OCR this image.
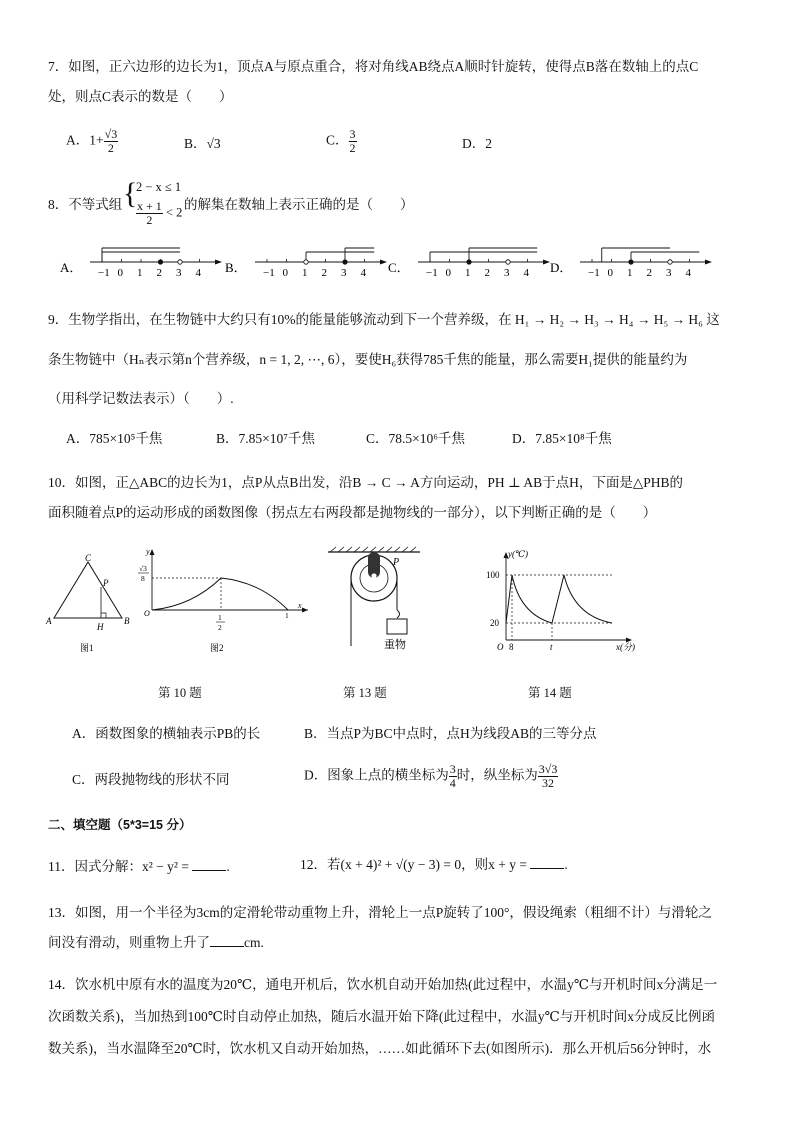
7．如图，正六边形的边长为1，顶点A与原点重合，将对角线AB绕点A顺时针旋转，使得点B落在数轴上的点C
处，则点C表示的数是（　　）
A．$1+ \frac{√3}{2}$	B．√3	C． $\frac{3}{2}$	D．2
8．不等式组 {
2 − x ≤ 1
$\frac{x + 1}{2} < 2$
的解集在数轴上表示正确的是（　　）
A． −1 0 1 2 3 4 B． −1 0 1 2 3 4 C． −1 0 1 2 3 4 D． −1 0 1 2 3 4
9．生物学指出，在生物链中大约只有10%的能量能够流动到下一个营养级，在 H₁ → H₂ → H₃ → H₄ → H₅ → H₆ 这
条生物链中（Hₙ表示第n个营养级，n = 1, 2, ⋯, 6），要使H₆获得785千焦的能量，那么需要H₁提供的能量约为
（用科学记数法表示）（　　）.
A．785×10⁵千焦	B．7.85×10⁷千焦	C．78.5×10⁶千焦	D．7.85×10⁸千焦
10．如图，正△ABC的边长为1，点P从点B出发，沿B → C → A方向运动，PH ⊥ AB于点H，下面是△PHB的
面积随着点P的运动形成的函数图像（拐点左右两段都是抛物线的一部分），以下判断正确的是（　　）
C
P
A
H
B
图1
y
x
√3
8
1
2
O	1
图2
P
重物
y(℃)
x(分)
100
20
O 8	t
第 10 题	第 13 题	第 14 题
A．函数图象的横轴表示PB的长	B．当点P为BC中点时，点H为线段AB的三等分点
C．两段抛物线的形状不同	D．图象上点的横坐标为 $\frac{3}{4}$ 时，纵坐标为 $\frac{3√3}{32}$
二、填空题（5*3=15 分）
11．因式分解：x² − y² =	.	12．若(x + 4)² + √(y − 3) = 0，则x + y =	.
13．如图，用一个半径为3cm的定滑轮带动重物上升，滑轮上一点P旋转了100°，假设绳索（粗细不计）与滑轮之
间没有滑动，则重物上升了	cm.
14．饮水机中原有水的温度为20℃，通电开机后，饮水机自动开始加热(此过程中，水温y℃与开机时间x分满足一
次函数关系)，当加热到100℃时自动停止加热，随后水温开始下降(此过程中，水温y℃与开机时间x分成反比例函
数关系)，当水温降至20℃时，饮水机又自动开始加热，……如此循环下去(如图所示)．那么开机后56分钟时，水
